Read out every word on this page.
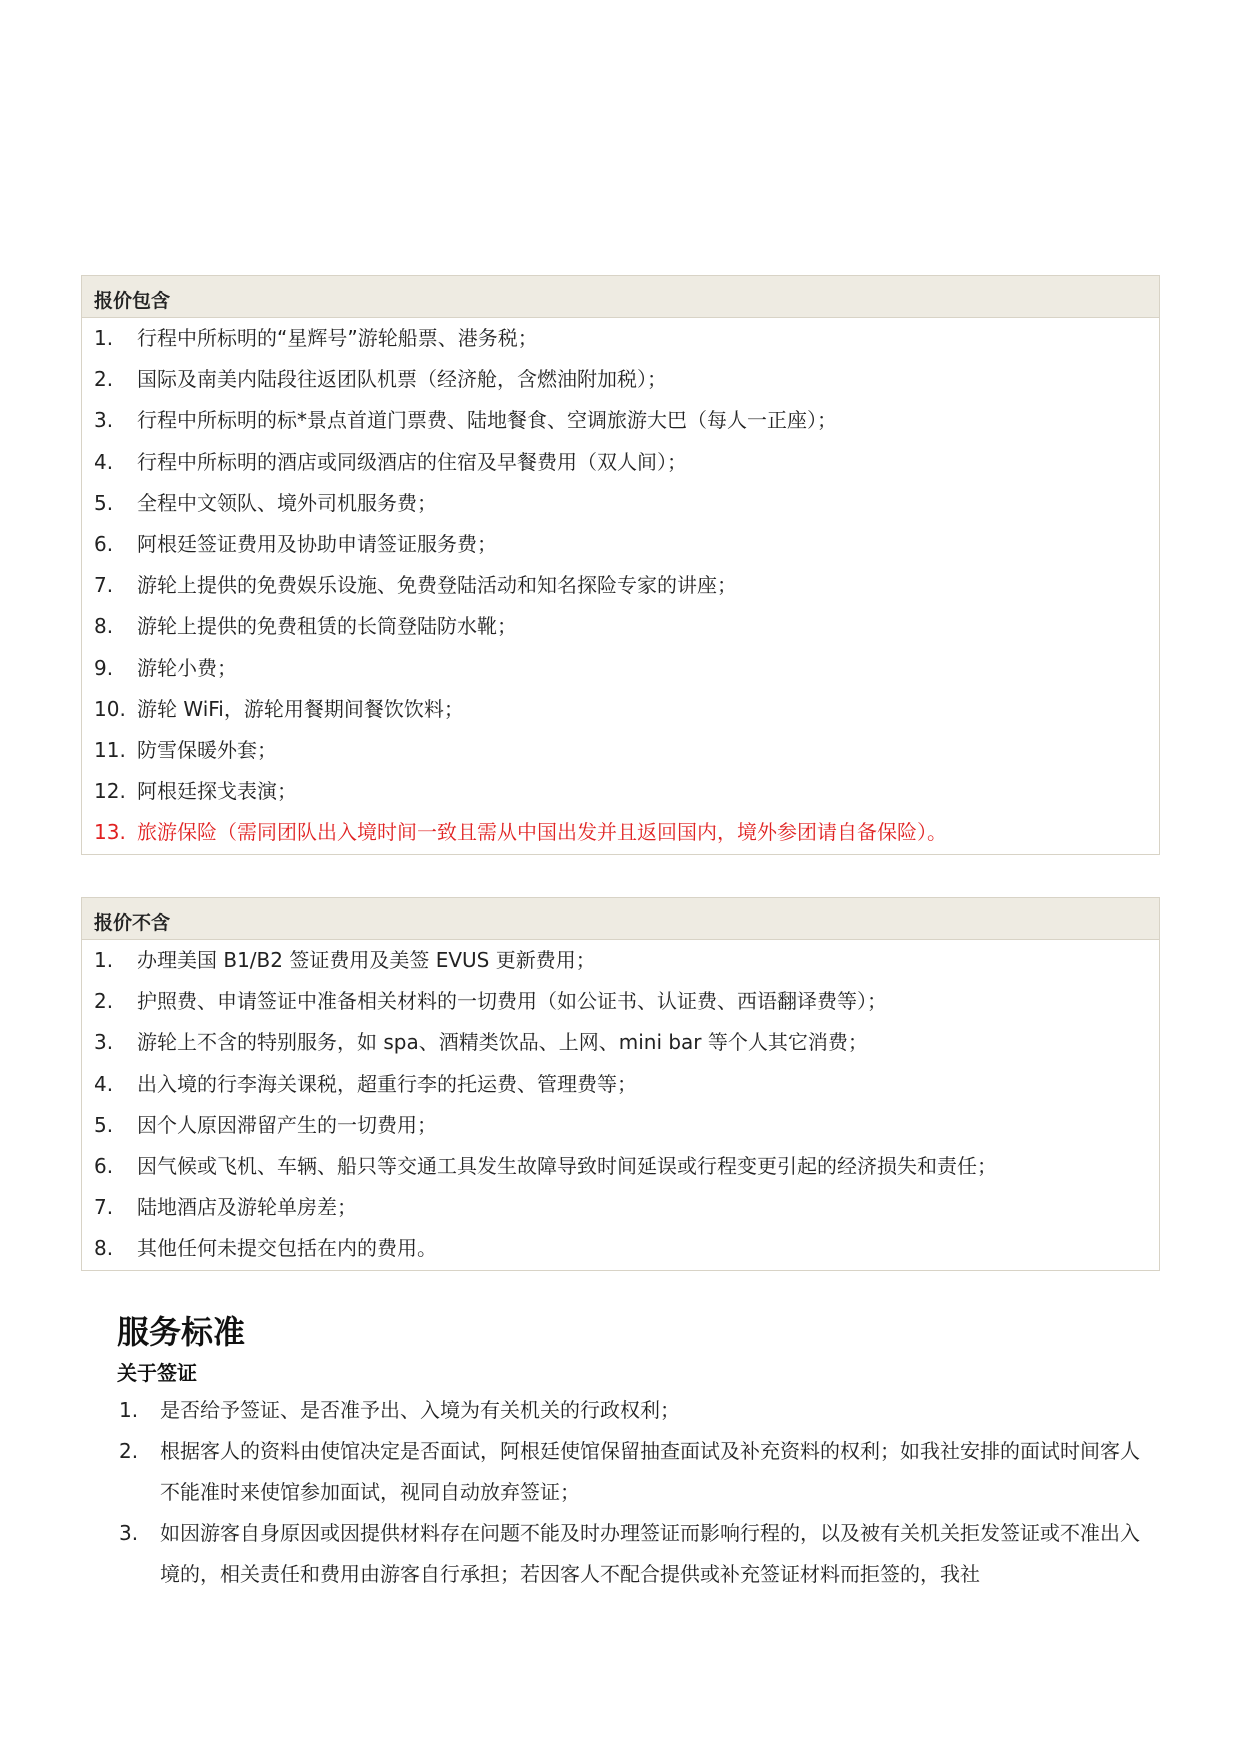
报价包含
1. 行程中所标明的“星辉号”游轮船票、港务税；
2. 国际及南美内陆段往返团队机票（经济舱，含燃油附加税）；
3. 行程中所标明的标*景点首道门票费、陆地餐食、空调旅游大巴（每人一正座）；
4. 行程中所标明的酒店或同级酒店的住宿及早餐费用（双人间）；
5. 全程中文领队、境外司机服务费；
6. 阿根廷签证费用及协助申请签证服务费；
7. 游轮上提供的免费娱乐设施、免费登陆活动和知名探险专家的讲座；
8. 游轮上提供的免费租赁的长筒登陆防水靴；
9. 游轮小费；
10. 游轮 WiFi，游轮用餐期间餐饮饮料；
11. 防雪保暖外套；
12. 阿根廷探戈表演；
13. 旅游保险（需同团队出入境时间一致且需从中国出发并且返回国内，境外参团请自备保险）。
报价不含
1. 办理美国 B1/B2 签证费用及美签 EVUS 更新费用；
2. 护照费、申请签证中准备相关材料的一切费用（如公证书、认证费、西语翻译费等）；
3. 游轮上不含的特别服务，如 spa、酒精类饮品、上网、mini bar 等个人其它消费；
4. 出入境的行李海关课税，超重行李的托运费、管理费等；
5. 因个人原因滞留产生的一切费用；
6. 因气候或飞机、车辆、船只等交通工具发生故障导致时间延误或行程变更引起的经济损失和责任；
7. 陆地酒店及游轮单房差；
8. 其他任何未提交包括在内的费用。
服务标准
关于签证
1. 是否给予签证、是否准予出、入境为有关机关的行政权利；
2. 根据客人的资料由使馆决定是否面试，阿根廷使馆保留抽查面试及补充资料的权利；如我社安排的面试时间客人不能准时来使馆参加面试，视同自动放弃签证；
3. 如因游客自身原因或因提供材料存在问题不能及时办理签证而影响行程的，以及被有关机关拒发签证或不准出入境的，相关责任和费用由游客自行承担；若因客人不配合提供或补充签证材料而拒签的，我社
